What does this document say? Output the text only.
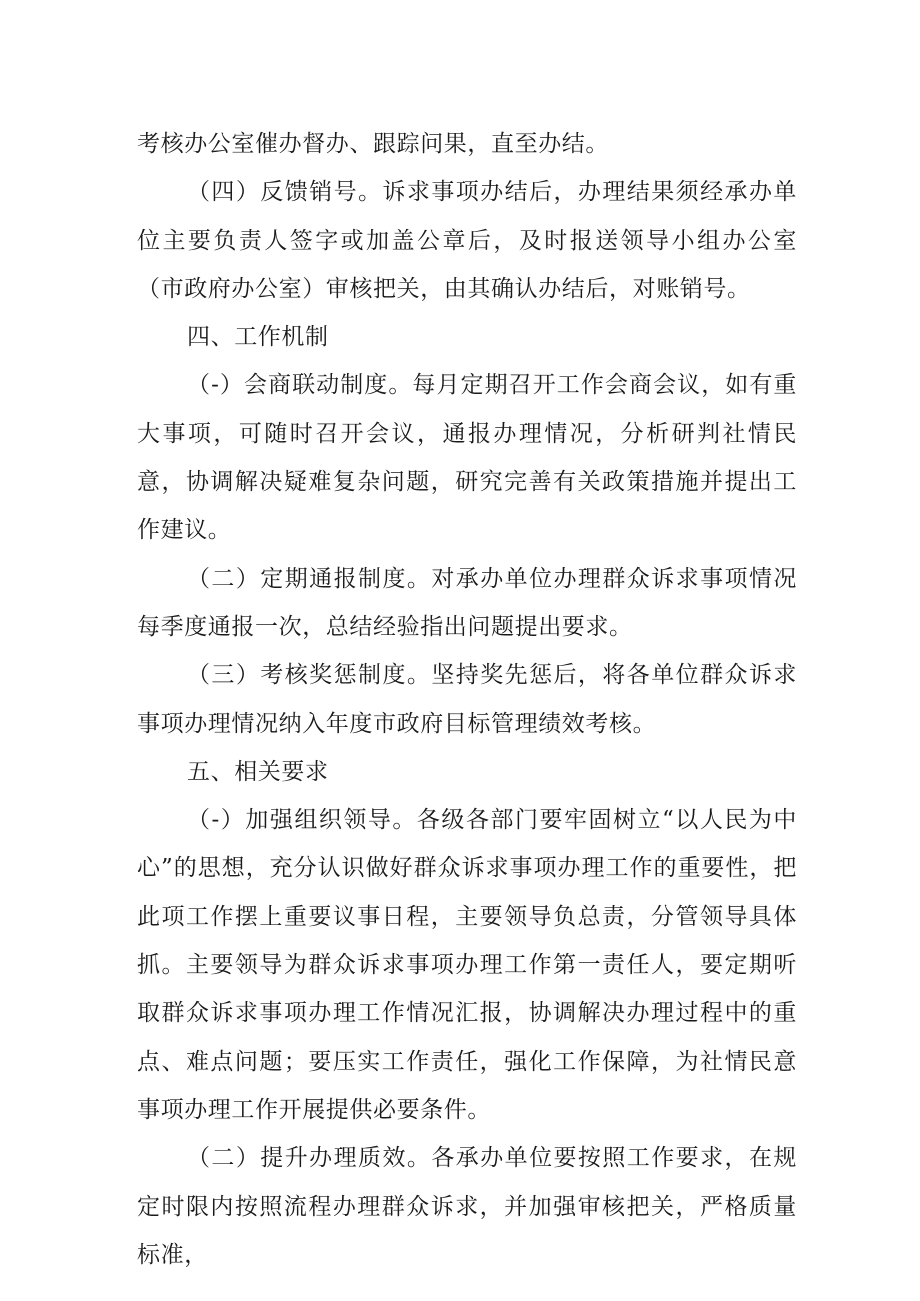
考核办公室催办督办、跟踪问果，直至办结。

（四）反馈销号。诉求事项办结后，办理结果须经承办单位主要负责人签字或加盖公章后，及时报送领导小组办公室（市政府办公室）审核把关，由其确认办结后，对账销号。

四、工作机制

（-）会商联动制度。每月定期召开工作会商会议，如有重大事项，可随时召开会议，通报办理情况，分析研判社情民意，协调解决疑难复杂问题，研究完善有关政策措施并提出工作建议。

（二）定期通报制度。对承办单位办理群众诉求事项情况每季度通报一次，总结经验指出问题提出要求。

（三）考核奖惩制度。坚持奖先惩后，将各单位群众诉求事项办理情况纳入年度市政府目标管理绩效考核。

五、相关要求

（-）加强组织领导。各级各部门要牢固树立“以人民为中心”的思想，充分认识做好群众诉求事项办理工作的重要性，把此项工作摆上重要议事日程，主要领导负总责，分管领导具体抓。主要领导为群众诉求事项办理工作第一责任人，要定期听取群众诉求事项办理工作情况汇报，协调解决办理过程中的重点、难点问题；要压实工作责任，强化工作保障，为社情民意事项办理工作开展提供必要条件。

（二）提升办理质效。各承办单位要按照工作要求，在规定时限内按照流程办理群众诉求，并加强审核把关，严格质量标准，
